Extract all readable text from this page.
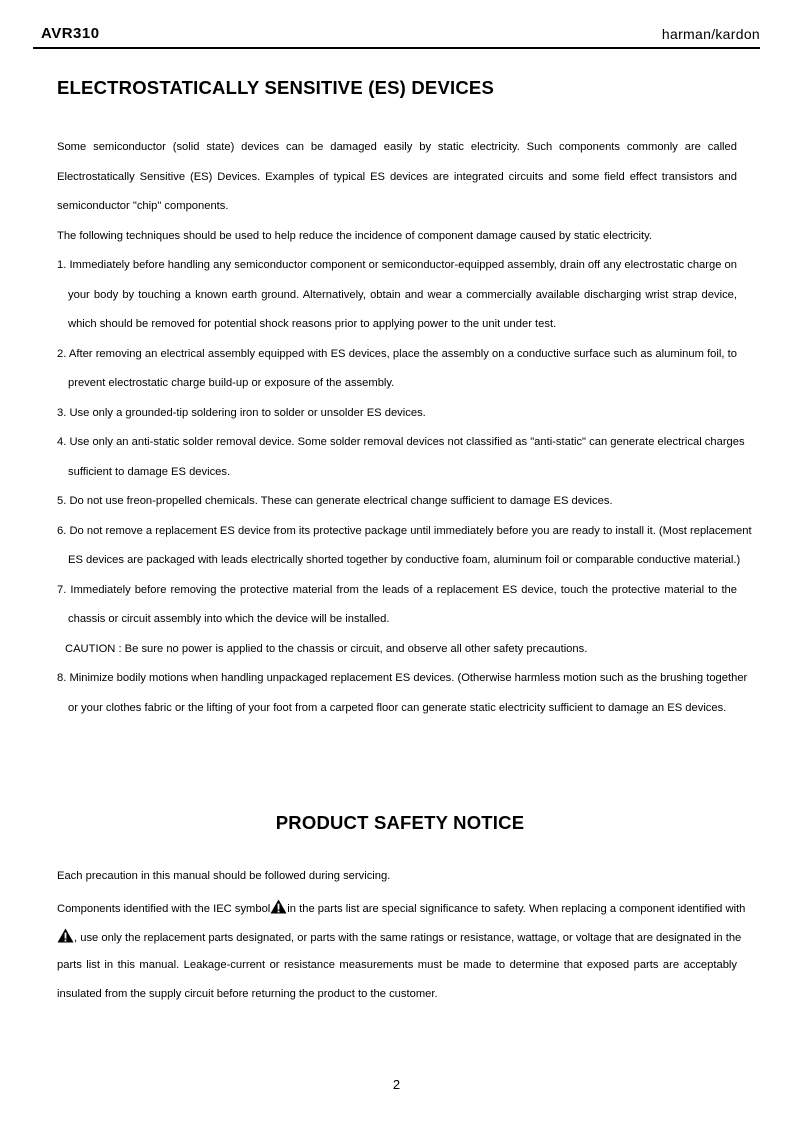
AVR310	harman/kardon
ELECTROSTATICALLY SENSITIVE (ES) DEVICES
Some semiconductor (solid state) devices can be damaged easily by static electricity. Such components commonly are called
Electrostatically Sensitive (ES) Devices. Examples of typical ES devices are integrated circuits and some field effect transistors and
semiconductor "chip" components.
The following techniques should be used to help reduce the incidence of component damage caused by static electricity.
1. Immediately before handling any semiconductor component or semiconductor-equipped assembly, drain off any electrostatic charge on
your body by touching a known earth ground. Alternatively, obtain and wear a commercially available discharging wrist strap device,
which should be removed for potential shock reasons prior to applying power to the unit under test.
2. After removing an electrical assembly equipped with ES devices, place the assembly on a conductive surface such as aluminum foil, to
prevent electrostatic charge build-up or exposure of the assembly.
3. Use only a grounded-tip soldering iron to solder or unsolder ES devices.
4. Use only an anti-static solder removal device. Some solder removal devices not classified as "anti-static" can generate electrical charges
sufficient to damage ES devices.
5. Do not use freon-propelled chemicals. These can generate electrical change sufficient to damage ES devices.
6. Do not remove a replacement ES device from its protective package until immediately before you are ready to install it. (Most replacement
ES devices are packaged with leads electrically shorted together by conductive foam, aluminum foil or comparable conductive material.)
7. Immediately before removing the protective material from the leads of a replacement ES device, touch the protective material to the
chassis or circuit assembly into which the device will be installed.
CAUTION : Be sure no power is applied to the chassis or circuit, and observe all other safety precautions.
8. Minimize bodily motions when handling unpackaged replacement ES devices. (Otherwise harmless motion such as the brushing together
or your clothes fabric or the lifting of your foot from a carpeted floor can generate static electricity sufficient to damage an ES devices.
PRODUCT SAFETY NOTICE
Each precaution in this manual should be followed during servicing.
Components identified with the IEC symbol in the parts list are special significance to safety. When replacing a component identified with
, use only the replacement parts designated, or parts with the same ratings or resistance, wattage, or voltage that are designated in the
parts list in this manual. Leakage-current or resistance measurements must be made to determine that exposed parts are acceptably
insulated from the supply circuit before returning the product to the customer.
2
